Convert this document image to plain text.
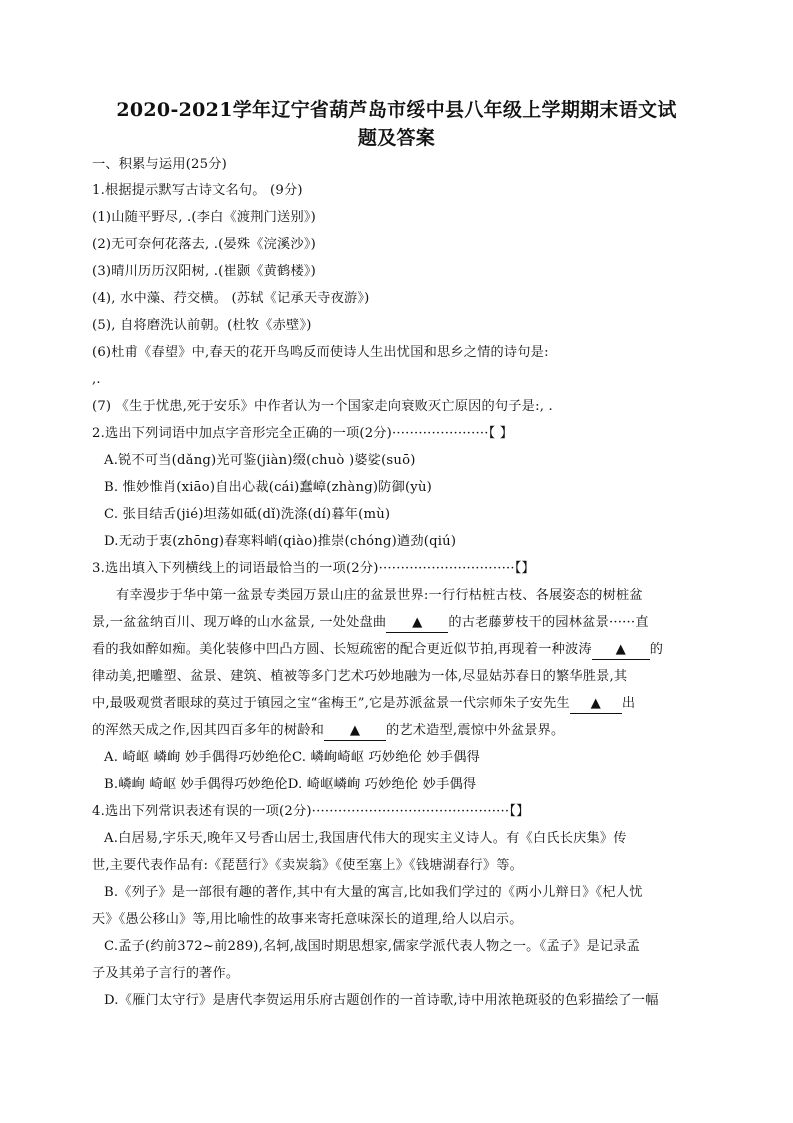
2020-2021学年辽宁省葫芦岛市绥中县八年级上学期期末语文试
题及答案
一、积累与运用(25分)
1.根据提示默写古诗文名句。 (9分)
(1)山随平野尽, .(李白《渡荆门送别》)
(2)无可奈何花落去, .(晏殊《浣溪沙》)
(3)晴川历历汉阳树, .(崔颢《黄鹤楼》)
(4), 水中藻、荇交横。 (苏轼《记承天寺夜游》)
(5), 自将磨洗认前朝。(杜牧《赤壁》)
(6)杜甫《春望》中,春天的花开鸟鸣反而使诗人生出忧国和思乡之情的诗句是:
,.
(7) 《生于忧患,死于安乐》中作者认为一个国家走向衰败灭亡原因的句子是:, .
2.选出下列词语中加点字音形完全正确的一项(2分)······················【 】
A.锐不可当(dǎng)光可鉴(jiàn)缀(chuò )婆娑(suō)
B. 惟妙惟肖(xiāo)自出心裁(cái)蠢嶂(zhàng)防御(yù)
C. 张目结舌(jié)坦荡如砥(dǐ)洗涤(dí)暮年(mù)
D.无动于衷(zhōng)春寒料峭(qiào)推崇(chóng)遒劲(qiú)
3.选出填入下列横线上的词语最恰当的一项(2分)·······························【】
有幸漫步于华中第一盆景专类园万景山庄的盆景世界:一行行枯桩古枝、各展姿态的树桩盆
景,一盆盆纳百川、现万峰的山水盆景, 一处处盘曲 ▲ 的古老藤萝枝干的园林盆景······直
看的我如醉如痴。美化装修中凹凸方圆、长短疏密的配合更近似节拍,再现着一种波涛 ▲ 的
律动美,把雕塑、盆景、建筑、植被等多门艺术巧妙地融为一体,尽显姑苏春日的繁华胜景,其
中,最吸观赏者眼球的莫过于镇园之宝“雀梅王”,它是苏派盆景一代宗师朱子安先生 ▲ 出
的浑然天成之作,因其四百多年的树龄和 ▲ 的艺术造型,震惊中外盆景界。
A. 崎岖 嶙峋 妙手偶得巧妙绝伦C. 嶙峋崎岖 巧妙绝伦 妙手偶得
B.嶙峋 崎岖 妙手偶得巧妙绝伦D. 崎岖嶙峋 巧妙绝伦 妙手偶得
4.选出下列常识表述有误的一项(2分)·············································【】
A.白居易,字乐天,晚年又号香山居士,我国唐代伟大的现实主义诗人。有《白氏长庆集》传
世,主要代表作品有:《琵琶行》《卖炭翁》《使至塞上》《钱塘湖春行》等。
B.《列子》是一部很有趣的著作,其中有大量的寓言,比如我们学过的《两小儿辩日》《杞人忧
天》《愚公移山》等,用比喻性的故事来寄托意味深长的道理,给人以启示。
C.孟子(约前372~前289),名轲,战国时期思想家,儒家学派代表人物之一。《孟子》是记录孟
子及其弟子言行的著作。
D.《雁门太守行》是唐代李贺运用乐府古题创作的一首诗歌,诗中用浓艳斑驳的色彩描绘了一幅
